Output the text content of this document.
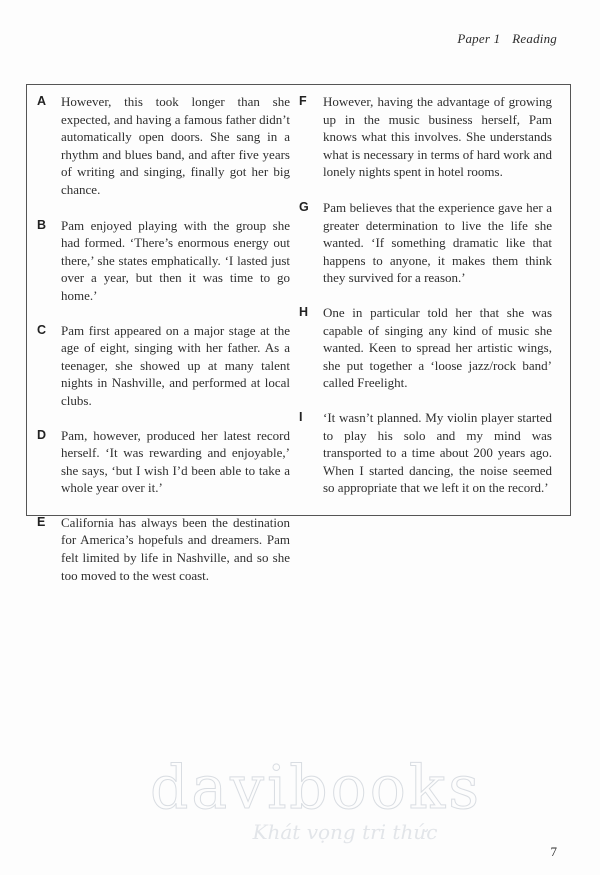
Paper 1 Reading
A	However, this took longer than she expected, and having a famous father didn’t automatically open doors. She sang in a rhythm and blues band, and after five years of writing and singing, finally got her big chance.
B	Pam enjoyed playing with the group she had formed. ‘There’s enormous energy out there,’ she states emphatically. ‘I lasted just over a year, but then it was time to go home.’
C	Pam first appeared on a major stage at the age of eight, singing with her father. As a teenager, she showed up at many talent nights in Nashville, and performed at local clubs.
D	Pam, however, produced her latest record herself. ‘It was rewarding and enjoyable,’ she says, ‘but I wish I’d been able to take a whole year over it.’
E	California has always been the destination for America’s hopefuls and dreamers. Pam felt limited by life in Nashville, and so she too moved to the west coast.
F	However, having the advantage of growing up in the music business herself, Pam knows what this involves. She understands what is necessary in terms of hard work and lonely nights spent in hotel rooms.
G	Pam believes that the experience gave her a greater determination to live the life she wanted. ‘If something dramatic like that happens to anyone, it makes them think they survived for a reason.’
H	One in particular told her that she was capable of singing any kind of music she wanted. Keen to spread her artistic wings, she put together a ‘loose jazz/rock band’ called Freelight.
I	‘It wasn’t planned. My violin player started to play his solo and my mind was transported to a time about 200 years ago. When I started dancing, the noise seemed so appropriate that we left it on the record.’
davibooks
Khát vọng tri thức
7
